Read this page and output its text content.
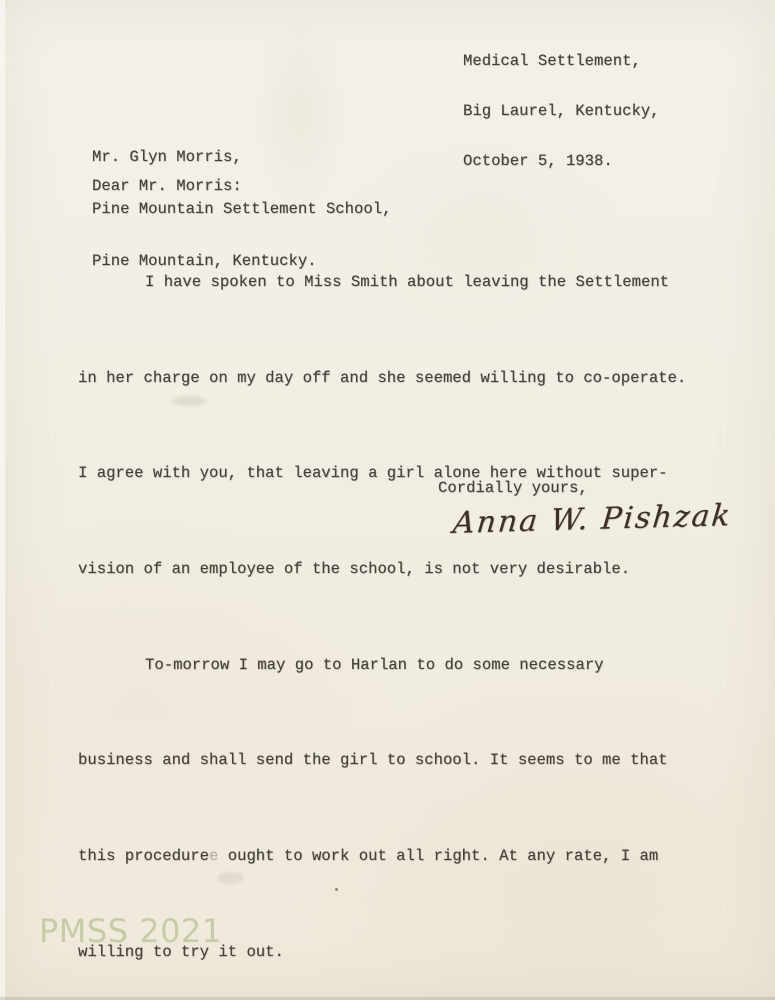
Medical Settlement,

Big Laurel, Kentucky,

October 5, 1938.

Mr. Glyn Morris,

Pine Mountain Settlement School,

Pine Mountain, Kentucky.

Dear Mr. Morris:

I have spoken to Miss Smith about leaving the Settlement

in her charge on my day off and she seemed willing to co-operate.

I agree with you, that leaving a girl alone here without super-

vision of an employee of the school, is not very desirable.

To-morrow I may go to Harlan to do some necessary

business and shall send the girl to school. It seems to me that

this proceduree ought to work out all right. At any rate, I am

willing to try it out.

Cordially yours,
Anna W. Pishzak
PMSS 2021
